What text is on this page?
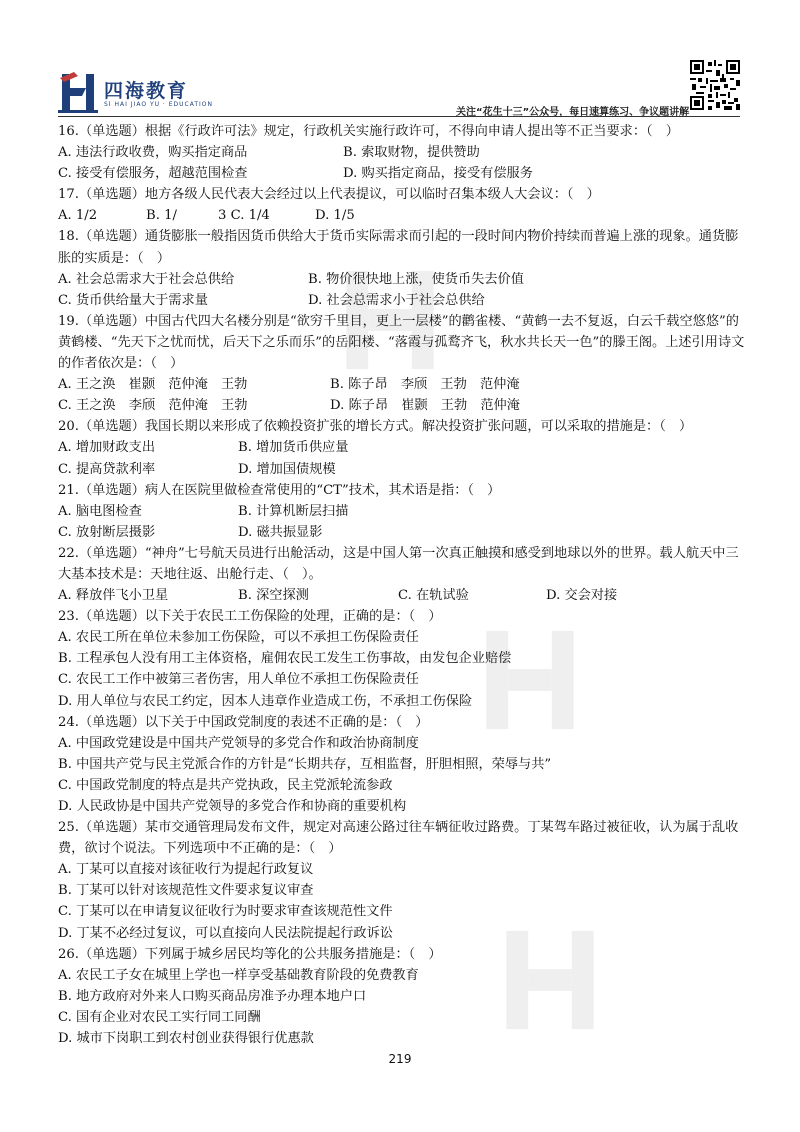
四海教育
SI HAI JIAO YU · EDUCATION
关注“花生十三”公众号，每日速算练习、争议题讲解
16.（单选题）根据《行政许可法》规定，行政机关实施行政许可，不得向申请人提出等不正当要求：（　）
A. 违法行政收费，购买指定商品	B. 索取财物，提供赞助
C. 接受有偿服务，超越范围检查	D. 购买指定商品，接受有偿服务
17.（单选题）地方各级人民代表大会经过以上代表提议，可以临时召集本级人大会议：（　）
A. 1/2	B. 1/	3 C. 1/4	D. 1/5
18.（单选题）通货膨胀一般指因货币供给大于货币实际需求而引起的一段时间内物价持续而普遍上涨的现象。通货膨胀的实质是：（　）
A. 社会总需求大于社会总供给	B. 物价很快地上涨，使货币失去价值
C. 货币供给量大于需求量	D. 社会总需求小于社会总供给
19.（单选题）中国古代四大名楼分别是“欲穷千里目，更上一层楼”的鹳雀楼、“黄鹤一去不复返，白云千载空悠悠”的黄鹤楼、“先天下之忧而忧，后天下之乐而乐”的岳阳楼、“落霞与孤鹜齐飞，秋水共长天一色”的滕王阁。上述引用诗文的作者依次是：（　）
A. 王之涣　崔颢　范仲淹　王勃	B. 陈子昂　李颀　王勃　范仲淹
C. 王之涣　李颀　范仲淹　王勃	D. 陈子昂　崔颢　王勃　范仲淹
20.（单选题）我国长期以来形成了依赖投资扩张的增长方式。解决投资扩张问题，可以采取的措施是：（　）
A. 增加财政支出	B. 增加货币供应量
C. 提高贷款利率	D. 增加国债规模
21.（单选题）病人在医院里做检查常使用的“CT”技术，其术语是指：（　）
A. 脑电图检查	B. 计算机断层扫描
C. 放射断层摄影	D. 磁共振显影
22.（单选题）“神舟”七号航天员进行出舱活动，这是中国人第一次真正触摸和感受到地球以外的世界。载人航天中三大基本技术是：天地往返、出舱行走、（　）。
A. 释放伴飞小卫星	B. 深空探测	C. 在轨试验	D. 交会对接
23.（单选题）以下关于农民工工伤保险的处理，正确的是：（　）
A. 农民工所在单位未参加工伤保险，可以不承担工伤保险责任
B. 工程承包人没有用工主体资格，雇佣农民工发生工伤事故，由发包企业赔偿
C. 农民工工作中被第三者伤害，用人单位不承担工伤保险责任
D. 用人单位与农民工约定，因本人违章作业造成工伤，不承担工伤保险
24.（单选题）以下关于中国政党制度的表述不正确的是：（　）
A. 中国政党建设是中国共产党领导的多党合作和政治协商制度
B. 中国共产党与民主党派合作的方针是“长期共存，互相监督，肝胆相照，荣辱与共”
C. 中国政党制度的特点是共产党执政，民主党派轮流参政
D. 人民政协是中国共产党领导的多党合作和协商的重要机构
25.（单选题）某市交通管理局发布文件，规定对高速公路过往车辆征收过路费。丁某驾车路过被征收，认为属于乱收费，欲讨个说法。下列选项中不正确的是：（　）
A. 丁某可以直接对该征收行为提起行政复议
B. 丁某可以针对该规范性文件要求复议审查
C. 丁某可以在申请复议征收行为时要求审查该规范性文件
D. 丁某不必经过复议，可以直接向人民法院提起行政诉讼
26.（单选题）下列属于城乡居民均等化的公共服务措施是：（　）
A. 农民工子女在城里上学也一样享受基础教育阶段的免费教育
B. 地方政府对外来人口购买商品房准予办理本地户口
C. 国有企业对农民工实行同工同酬
D. 城市下岗职工到农村创业获得银行优惠款
219
